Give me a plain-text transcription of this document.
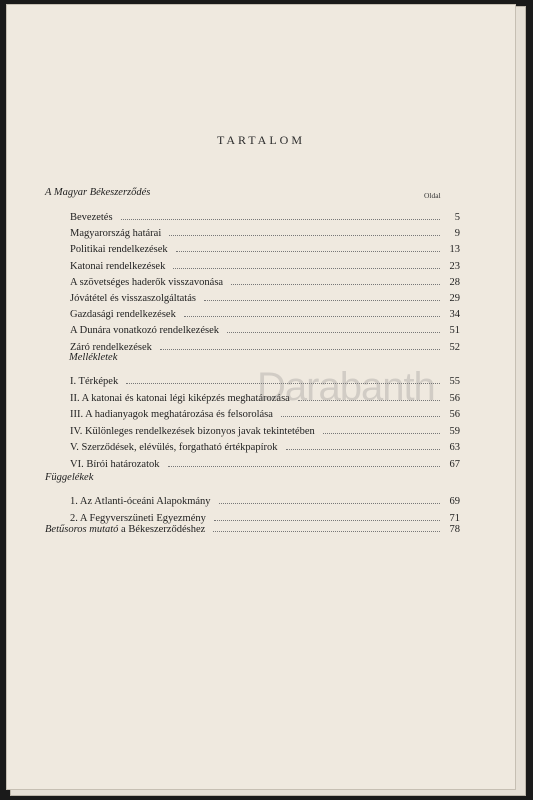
TARTALOM
Oldal
A Magyar Békeszerződés
Bevezetés	5
Magyarország határai	9
Politikai rendelkezések	13
Katonai rendelkezések	23
A szövetséges haderők visszavonása	28
Jóvátétel és visszaszolgáltatás	29
Gazdasági rendelkezések	34
A Dunára vonatkozó rendelkezések	51
Záró rendelkezések	52
Mellékletek
I. Térképek	55
II. A katonai és katonai légi kiképzés meghatározása	56
III. A hadianyagok meghatározása és felsorolása	56
IV. Különleges rendelkezések bizonyos javak tekintetében	59
V. Szerződések, elévülés, forgatható értékpapírok	63
VI. Bírói határozatok	67
Függelékek
1. Az Atlanti-óceáni Alapokmány	69
2. A Fegyverszüneti Egyezmény	71
Betűsoros mutató a Békeszerződéshez	78
Darabanth
